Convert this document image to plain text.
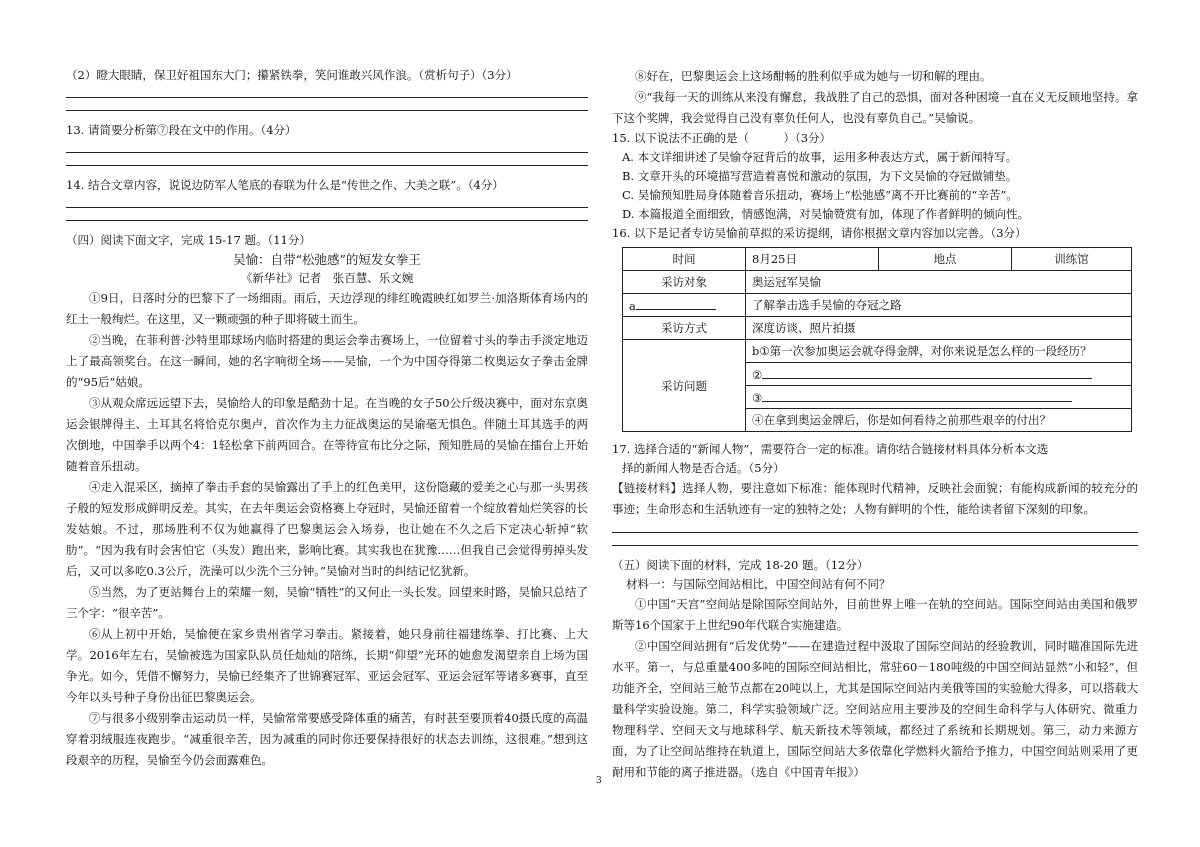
（2）瞪大眼睛，保卫好祖国东大门；攥紧铁拳，笑问谁敢兴风作浪。（赏析句子）（3分）
13. 请简要分析第⑦段在文中的作用。（4分）
14. 结合文章内容，说说边防军人笔底的春联为什么是“传世之作、大美之联”。（4分）
（四）阅读下面文字，完成 15-17 题。（11分）
吴愉：自带“松弛感”的短发女拳王
《新华社》记者　张百慧、乐文婉

①9日，日落时分的巴黎下了一场细雨。雨后，天边浮现的绯红晚霞映红如罗兰·加洛斯体育场内的红土一般绚烂。在这里，又一颗顽强的种子即将破土而生。

②当晚，在菲利普·沙特里耶球场内临时搭建的奥运会拳击赛场上，一位留着寸头的拳击手淡定地迈上了最高领奖台。在这一瞬间，她的名字响彻全场——吴愉，一个为中国夺得第二枚奥运女子拳击金牌的“95后”姑娘。

③从观众席远远望下去，吴愉给人的印象是酷劲十足。在当晚的女子50公斤级决赛中，面对东京奥运会银牌得主、土耳其名将恰克尔奥卢，首次作为主力征战奥运的吴谕毫无惧色。伴随土耳其选手的两次倒地，中国拳手以两个4：1轻松拿下前两回合。在等待宣布比分之际，预知胜局的吴愉在擂台上开始随着音乐扭动。

④走入混采区，摘掉了拳击手套的吴愉露出了手上的红色美甲，这份隐藏的爱美之心与那一头男孩子般的短发形成鲜明反差。其实，在去年奥运会资格赛上夺冠时，吴愉还留着一个绽放着灿烂笑容的长发姑娘。不过，那场胜利不仅为她赢得了巴黎奥运会入场券，也让她在不久之后下定决心斩掉“软肋”。“因为我有时会害怕它（头发）跑出来，影响比赛。其实我也在犹豫……但我自己会觉得剪掉头发后，又可以多吃0.3公斤，洗澡可以少洗个三分钟。”吴愉对当时的纠结记忆犹新。

⑤当然，为了更站舞台上的荣耀一刻，吴愉“牺牲”的又何止一头长发。回望来时路，吴愉只总结了三个字：“很辛苦”。

⑥从上初中开始，吴愉便在家乡贵州省学习拳击。紧接着，她只身前往福建练拳、打比赛、上大学。2016年左右，吴愉被选为国家队队员任灿灿的陪练，长期“仰望”光环的她愈发渴望亲自上场为国争光。如今，凭借不懈努力，吴愉已经集齐了世锦赛冠军、亚运会冠军、亚运会冠军等诸多赛事，直至今年以头号种子身份出征巴黎奥运会。

⑦与很多小级别拳击运动员一样，吴愉常常要感受降体重的痛苦，有时甚至要顶着40摄氏度的高温穿着羽绒服连夜跑步。“减重很辛苦，因为减重的同时你还要保持很好的状态去训练，这很难。”想到这段艰辛的历程，吴愉至今仍会面露难色。

⑧好在，巴黎奥运会上这场酣畅的胜利似乎成为她与一切和解的理由。

⑨“我每一天的训练从来没有懈怠，我战胜了自己的恐惧，面对各种困境一直在义无反顾地坚持。拿下这个奖牌，我会觉得自己没有辜负任何人，也没有辜负自己。”吴愉说。

15. 以下说法不正确的是（　　　）（3分）
A. 本文详细讲述了吴愉夺冠背后的故事，运用多种表达方式，属于新闻特写。
B. 文章开头的环境描写营造着喜悦和激动的氛围，为下文吴愉的夺冠做铺垫。
C. 吴愉预知胜局身体随着音乐扭动，赛场上“松弛感”离不开比赛前的“辛苦”。
D. 本篇报道全面细致，情感饱满，对吴愉赞赏有加，体现了作者鲜明的倾向性。
16. 以下是记者专访吴愉前草拟的采访提纲，请你根据文章内容加以完善。（3分）
时间	8月25日	地点	训练馆
采访对象	奥运冠军吴愉		
a	了解拳击选手吴愉的夺冠之路		
采访方式	深度访谈、照片拍摄		
采访问题	b①第一次参加奥运会就夺得金牌，对你来说是怎么样的一段经历？		
	②		
	③		
	④在拿到奥运金牌后，你是如何看待之前那些艰辛的付出？		
17. 选择合适的“新闻人物”，需要符合一定的标准。请你结合链接材料具体分析本文选
择的新闻人物是否合适。（5分）

【链接材料】选择人物，要注意如下标准：能体现时代精神，反映社会面貌；有能构成新闻的较充分的事迹；生命形态和生活轨迹有一定的独特之处；人物有鲜明的个性，能给读者留下深刻的印象。

（五）阅读下面的材料，完成 18-20 题。（12分）
材料一：与国际空间站相比，中国空间站有何不同？

①中国“天宫”空间站是除国际空间站外，目前世界上唯一在轨的空间站。国际空间站由美国和俄罗斯等16个国家于上世纪90年代联合实施建造。

②中国空间站拥有“后发优势”——在建造过程中汲取了国际空间站的经验教训，同时瞄准国际先进水平。第一，与总重量400多吨的国际空间站相比，常驻60－180吨级的中国空间站显然“小和轻”，但功能齐全，空间站三舱节点都在20吨以上，尤其是国际空间站内美俄等国的实验舱大得多，可以搭载大量科学实验设施。第二，科学实验领域广泛。空间站应用主要涉及的空间生命科学与人体研究、微重力物理科学、空间天文与地球科学、航天新技术等领域，都经过了系统和长期规划。第三，动力来源方面，为了让空间站维持在轨道上，国际空间站大多依靠化学燃料火箭给予推力，中国空间站则采用了更耐用和节能的离子推进器。（选自《中国青年报》）

3
